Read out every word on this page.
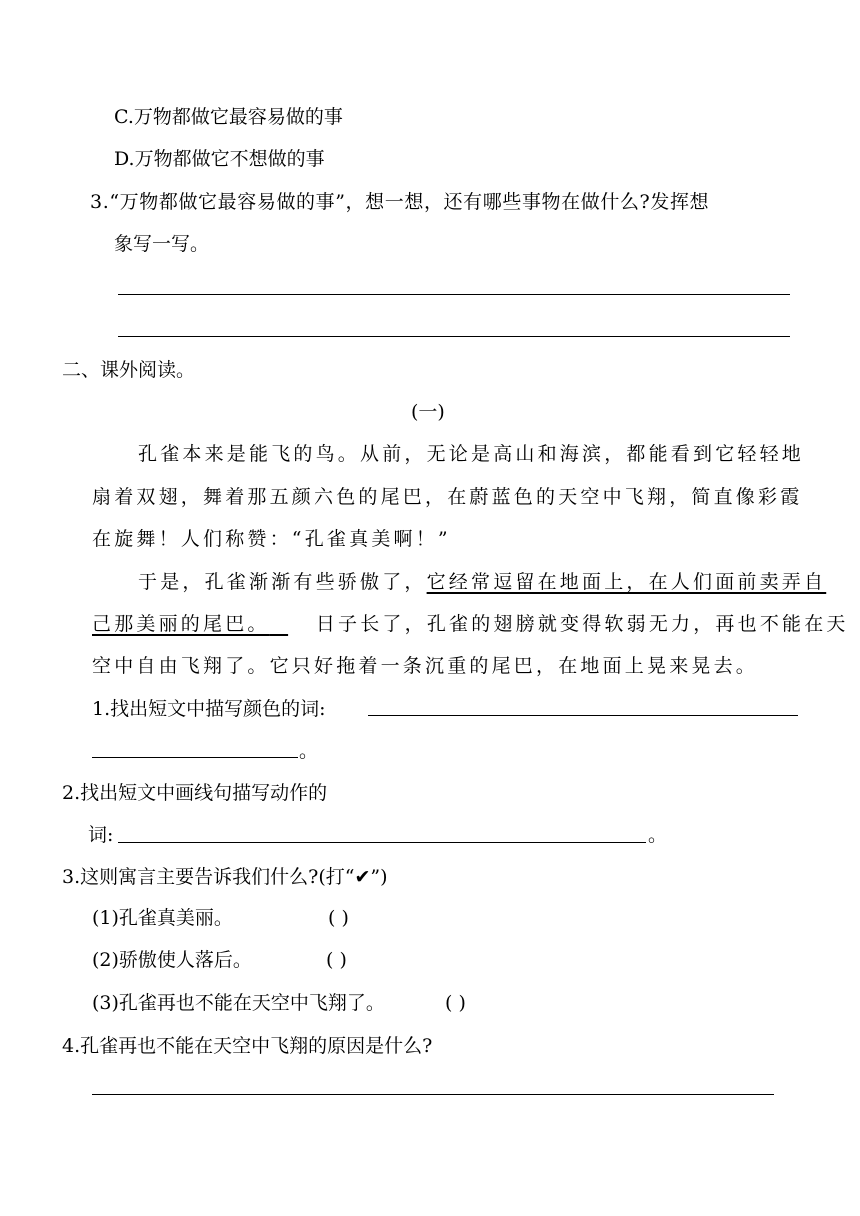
C.万物都做它最容易做的事
D.万物都做它不想做的事
3.“万物都做它最容易做的事”，想一想，还有哪些事物在做什么?发挥想
象写一写。
二、课外阅读。
(一)
孔雀本来是能飞的鸟。从前，无论是高山和海滨，都能看到它轻轻地
扇着双翅，舞着那五颜六色的尾巴，在蔚蓝色的天空中飞翔，简直像彩霞
在旋舞！人们称赞：“孔雀真美啊！”
于是，孔雀渐渐有些骄傲了，它经常逗留在地面上，在人们面前卖弄自
己那美丽的尾巴。 日子长了，孔雀的翅膀就变得软弱无力，再也不能在天
空中自由飞翔了。它只好拖着一条沉重的尾巴，在地面上晃来晃去。
1.找出短文中描写颜色的词:
。
2.找出短文中画线句描写动作的
词:	。
3.这则寓言主要告诉我们什么?(打“✔”)
(1)孔雀真美丽。	( )
(2)骄傲使人落后。	( )
(3)孔雀再也不能在天空中飞翔了。	( )
4.孔雀再也不能在天空中飞翔的原因是什么?
